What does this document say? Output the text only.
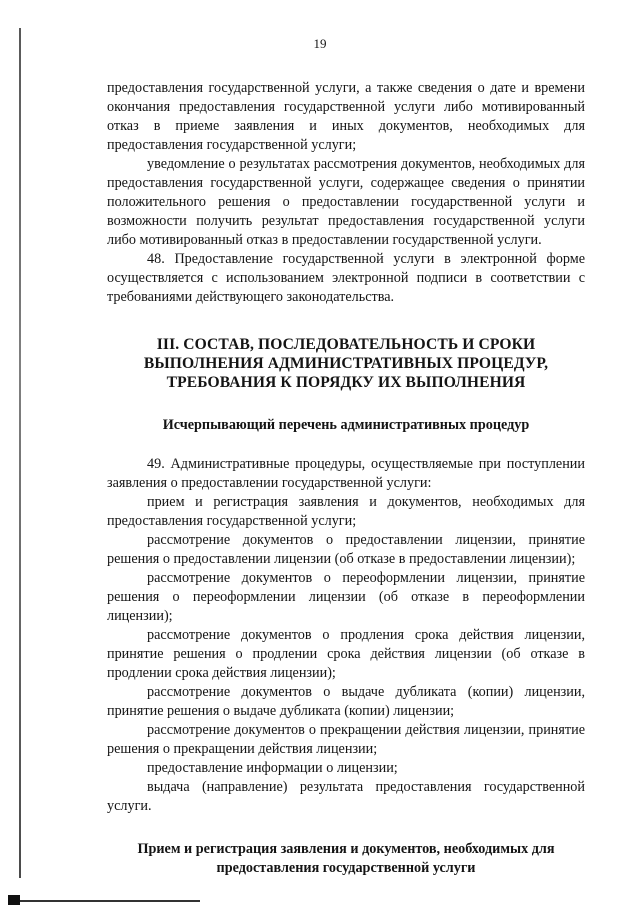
19

предоставления государственной услуги, а также сведения о дате и времени окончания предоставления государственной услуги либо мотивированный отказ в приеме заявления и иных документов, необходимых для предоставления государственной услуги;

уведомление о результатах рассмотрения документов, необходимых для предоставления государственной услуги, содержащее сведения о принятии положительного решения о предоставлении государственной услуги и возможности получить результат предоставления государственной услуги либо мотивированный отказ в предоставлении государственной услуги.

48. Предоставление государственной услуги в электронной форме осуществляется с использованием электронной подписи в соответствии с требованиями действующего законодательства.

III. СОСТАВ, ПОСЛЕДОВАТЕЛЬНОСТЬ И СРОКИ
ВЫПОЛНЕНИЯ АДМИНИСТРАТИВНЫХ ПРОЦЕДУР,
ТРЕБОВАНИЯ К ПОРЯДКУ ИХ ВЫПОЛНЕНИЯ
Исчерпывающий перечень административных процедур

49. Административные процедуры, осуществляемые при поступлении заявления о предоставлении государственной услуги:

прием и регистрация заявления и документов, необходимых для предоставления государственной услуги;

рассмотрение документов о предоставлении лицензии, принятие решения о предоставлении лицензии (об отказе в предоставлении лицензии);

рассмотрение документов о переоформлении лицензии, принятие решения о переоформлении лицензии (об отказе в переоформлении лицензии);

рассмотрение документов о продления срока действия лицензии, принятие решения о продлении срока действия лицензии (об отказе в продлении срока действия лицензии);

рассмотрение документов о выдаче дубликата (копии) лицензии, принятие решения о выдаче дубликата (копии) лицензии;

рассмотрение документов о прекращении действия лицензии, принятие решения о прекращении действия лицензии;

предоставление информации о лицензии;

выдача (направление) результата предоставления государственной услуги.

Прием и регистрация заявления и документов, необходимых для
предоставления государственной услуги
